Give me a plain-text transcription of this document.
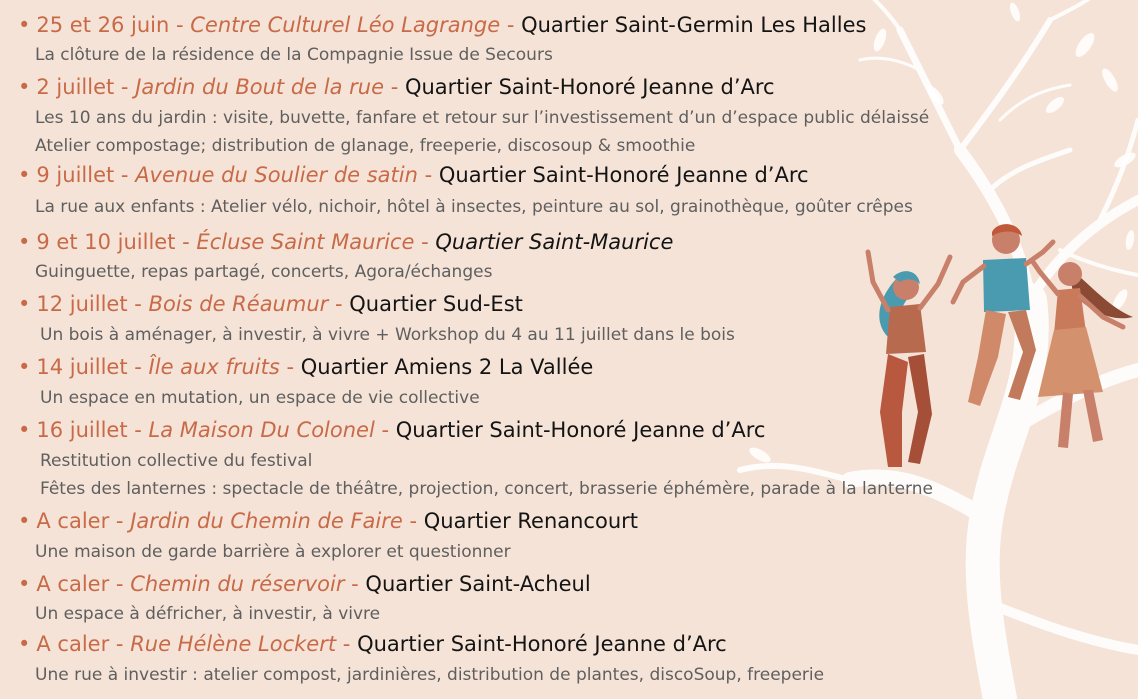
• 25 et 26 juin - Centre Culturel Léo Lagrange - Quartier Saint-Germin Les Halles
La clôture de la résidence de la Compagnie Issue de Secours
• 2 juillet - Jardin du Bout de la rue - Quartier Saint-Honoré Jeanne d’Arc
Les 10 ans du jardin : visite, buvette, fanfare et retour sur l’investissement d’un d’espace public délaissé
Atelier compostage; distribution de glanage, freeperie, discosoup & smoothie
• 9 juillet - Avenue du Soulier de satin - Quartier Saint-Honoré Jeanne d’Arc
La rue aux enfants : Atelier vélo, nichoir, hôtel à insectes, peinture au sol, grainothèque, goûter crêpes
• 9 et 10 juillet - Écluse Saint Maurice - Quartier Saint-Maurice
Guinguette, repas partagé, concerts, Agora/échanges
• 12 juillet - Bois de Réaumur - Quartier Sud-Est
Un bois à aménager, à investir, à vivre + Workshop du 4 au 11 juillet dans le bois
• 14 juillet - Île aux fruits - Quartier Amiens 2 La Vallée
Un espace en mutation, un espace de vie collective
• 16 juillet - La Maison Du Colonel - Quartier Saint-Honoré Jeanne d’Arc
Restitution collective du festival
Fêtes des lanternes : spectacle de théâtre, projection, concert, brasserie éphémère, parade à la lanterne
• A caler - Jardin du Chemin de Faire - Quartier Renancourt
Une maison de garde barrière à explorer et questionner
• A caler - Chemin du réservoir - Quartier Saint-Acheul
Un espace à défricher, à investir, à vivre
• A caler - Rue Hélène Lockert - Quartier Saint-Honoré Jeanne d’Arc
Une rue à investir : atelier compost, jardinières, distribution de plantes, discoSoup, freeperie
